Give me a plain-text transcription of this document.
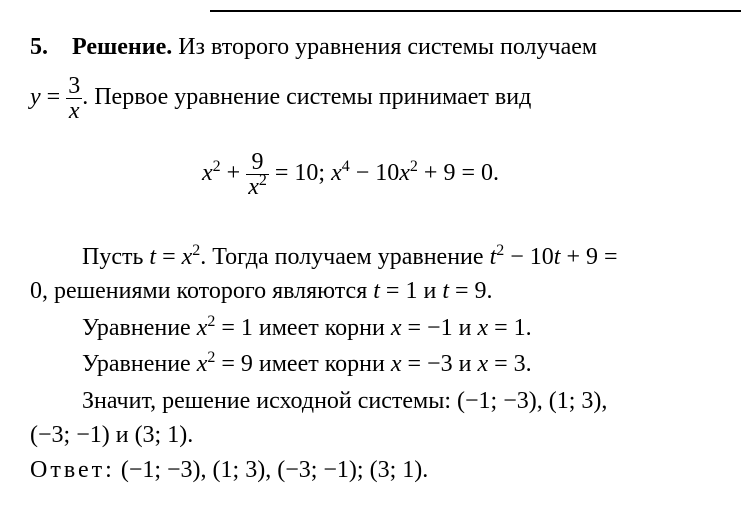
5. Решение. Из второго уравнения системы получаем
$y = \frac{3}{x}$ . Первое уравнение системы принимает вид
$x^2 + \frac{9}{x^2} = 10$; $x^4 - 10x^2 + 9 = 0$.
Пусть $t = x^2$. Тогда получаем уравнение $t^2 - 10t + 9$ =
0, решениями которого являются t = 1 и t = 9.
Уравнение $x^2 = 1$ имеет корни x = −1 и x = 1.
Уравнение $x^2 = 9$ имеет корни x = −3 и x = 3.
Значит, решение исходной системы: (−1; −3), (1; 3),
(−3; −1) и (3; 1).
Ответ: (−1; −3), (1; 3), (−3; −1); (3; 1).
